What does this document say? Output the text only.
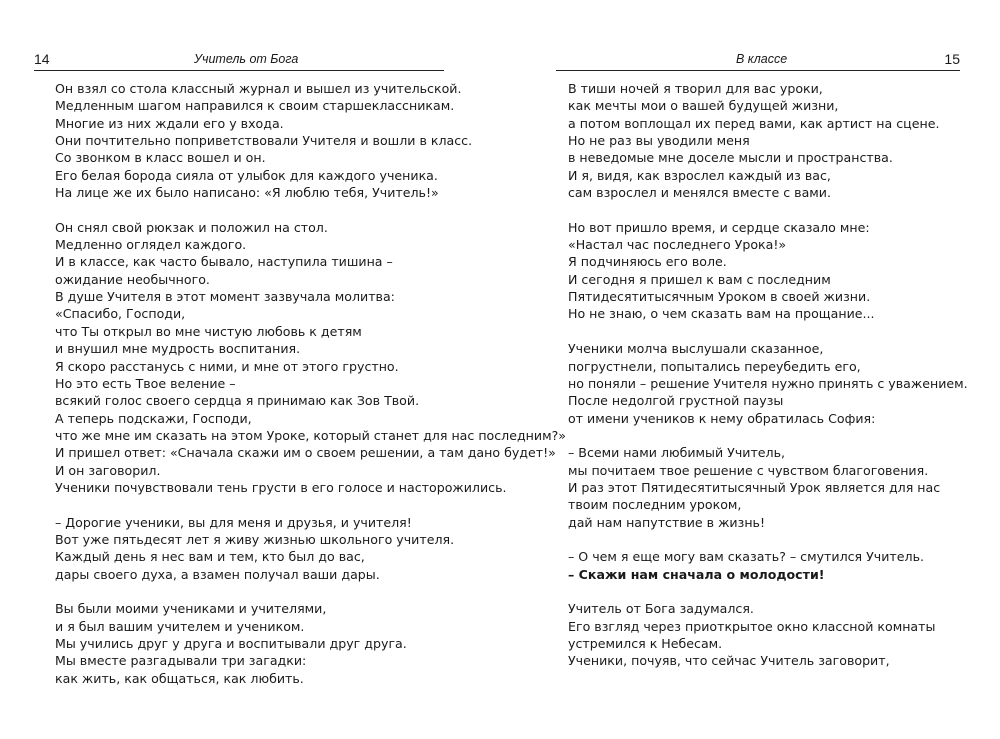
14	Учитель от Бога
Он взял со стола классный журнал и вышел из учительской.
Медленным шагом направился к своим старшеклассникам.
Многие из них ждали его у входа.
Они почтительно поприветствовали Учителя и вошли в класс.
Со звонком в класс вошел и он.
Его белая борода сияла от улыбок для каждого ученика.
На лице же их было написано: «Я люблю тебя, Учитель!»
Он снял свой рюкзак и положил на стол.
Медленно оглядел каждого.
И в классе, как часто бывало, наступила тишина –
ожидание необычного.
В душе Учителя в этот момент зазвучала молитва:
«Спасибо, Господи,
что Ты открыл во мне чистую любовь к детям
и внушил мне мудрость воспитания.
Я скоро расстанусь с ними, и мне от этого грустно.
Но это есть Твое веление –
всякий голос своего сердца я принимаю как Зов Твой.
А теперь подскажи, Господи,
что же мне им сказать на этом Уроке, который станет для нас последним?»
И пришел ответ: «Сначала скажи им о своем решении, а там дано будет!»
И он заговорил.
Ученики почувствовали тень грусти в его голосе и насторожились.
– Дорогие ученики, вы для меня и друзья, и учителя!
Вот уже пятьдесят лет я живу жизнью школьного учителя.
Каждый день я нес вам и тем, кто был до вас,
дары своего духа, а взамен получал ваши дары.
Вы были моими учениками и учителями,
и я был вашим учителем и учеником.
Мы учились друг у друга и воспитывали друг друга.
Мы вместе разгадывали три загадки:
как жить, как общаться, как любить.
В классе	15
В тиши ночей я творил для вас уроки,
как мечты мои о вашей будущей жизни,
а потом воплощал их перед вами, как артист на сцене.
Но не раз вы уводили меня
в неведомые мне доселе мысли и пространства.
И я, видя, как взрослел каждый из вас,
сам взрослел и менялся вместе с вами.
Но вот пришло время, и сердце сказало мне:
«Настал час последнего Урока!»
Я подчиняюсь его воле.
И сегодня я пришел к вам с последним
Пятидесятитысячным Уроком в своей жизни.
Но не знаю, о чем сказать вам на прощание...
Ученики молча выслушали сказанное,
погрустнели, попытались переубедить его,
но поняли – решение Учителя нужно принять с уважением.
После недолгой грустной паузы
от имени учеников к нему обратилась София:
– Всеми нами любимый Учитель,
мы почитаем твое решение с чувством благоговения.
И раз этот Пятидесятитысячный Урок является для нас
твоим последним уроком,
дай нам напутствие в жизнь!
– О чем я еще могу вам сказать? – смутился Учитель.
– Скажи нам сначала о молодости!
Учитель от Бога задумался.
Его взгляд через приоткрытое окно классной комнаты
устремился к Небесам.
Ученики, почуяв, что сейчас Учитель заговорит,
